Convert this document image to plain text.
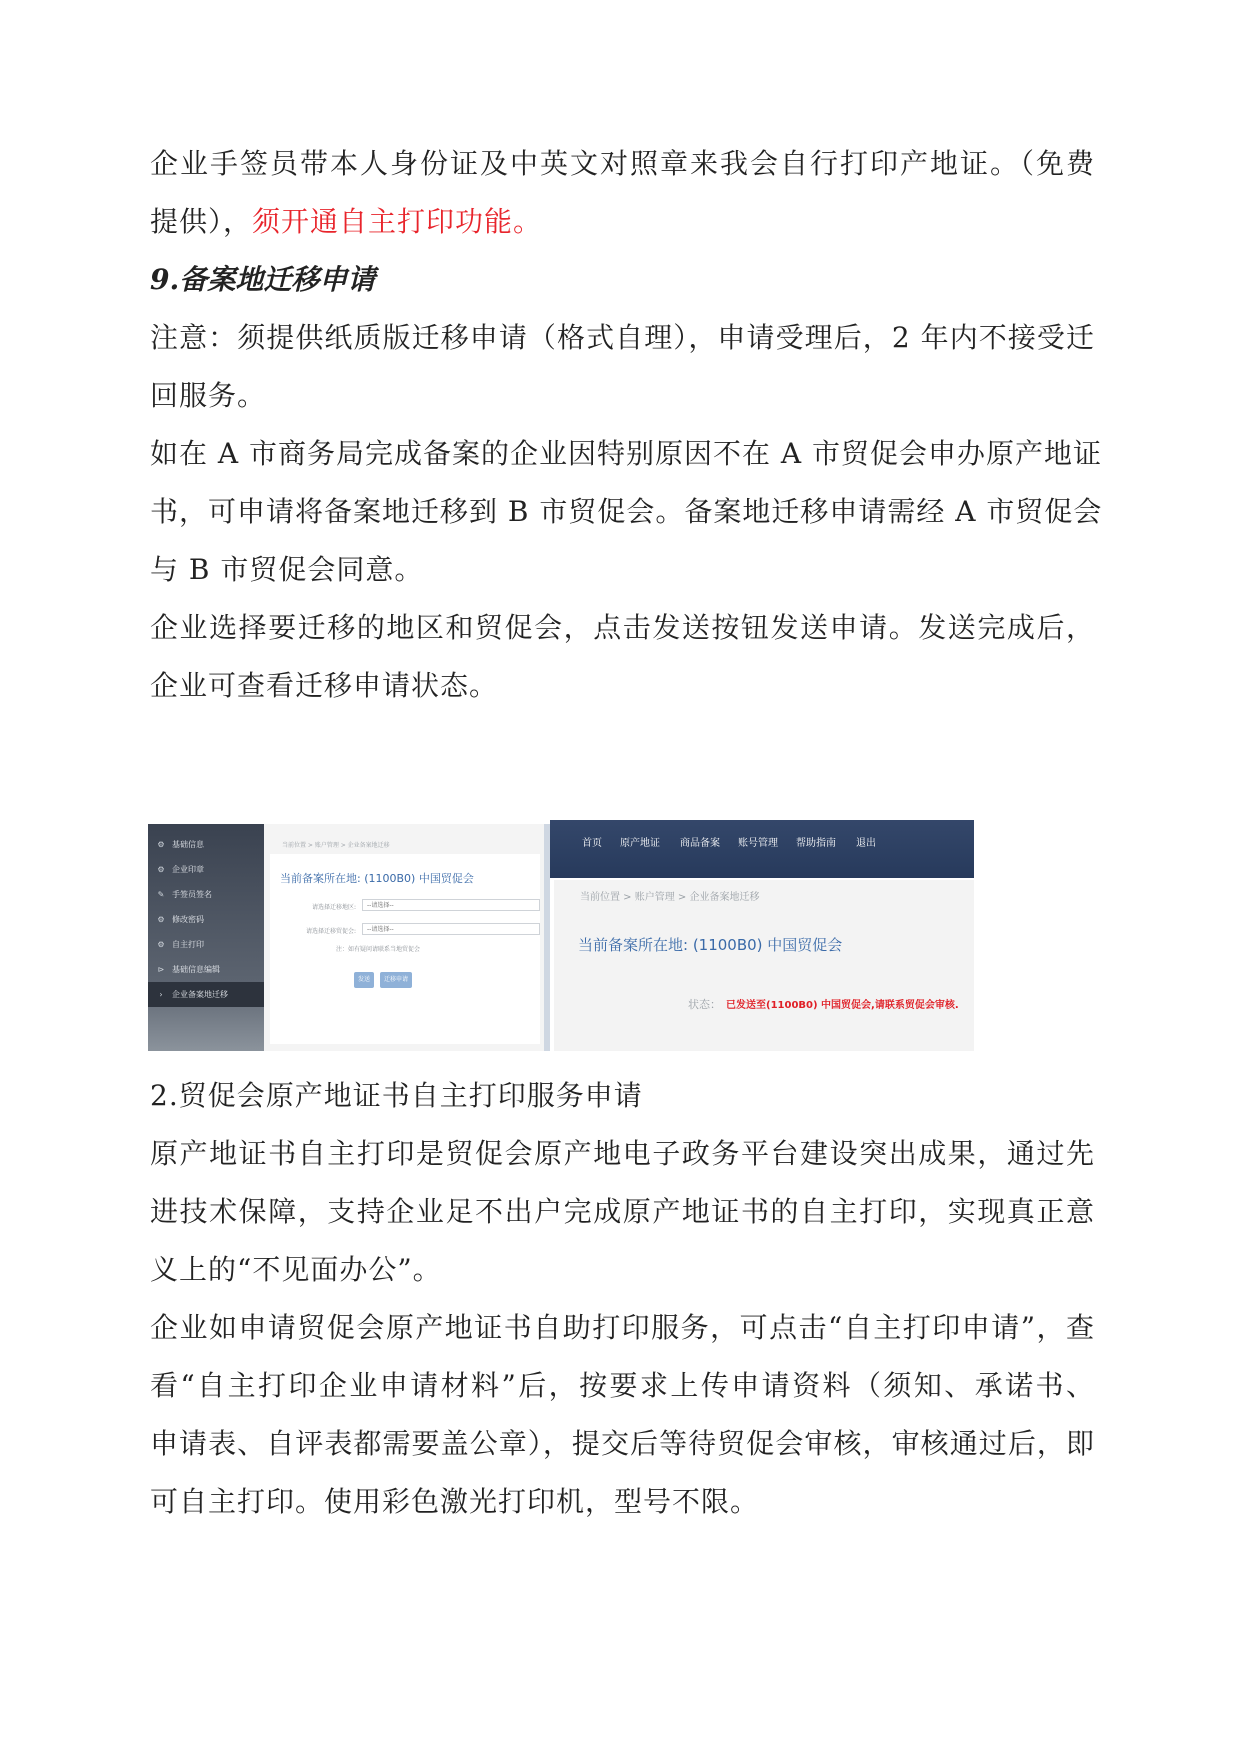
企业手签员带本人身份证及中英文对照章来我会自行打印产地证。（免费
提供），须开通自主打印功能。
9.备案地迁移申请
注意：须提供纸质版迁移申请（格式自理），申请受理后，2 年内不接受迁
回服务。
如在 A 市商务局完成备案的企业因特别原因不在 A 市贸促会申办原产地证
书，可申请将备案地迁移到 B 市贸促会。备案地迁移申请需经 A 市贸促会
与 B 市贸促会同意。
企业选择要迁移的地区和贸促会，点击发送按钮发送申请。发送完成后，
企业可查看迁移申请状态。
⚙ 基础信息
⚙ 企业印章
✎ 手签员签名
⚙ 修改密码
⚙ 自主打印
⊳ 基础信息编辑
›	企业备案地迁移
当前位置 > 账户管理 > 企业备案地迁移
当前备案所在地: (1100B0) 中国贸促会
请选择迁移地区:	--请选择--
请选择迁移贸促会:	--请选择--
注：如有疑问请联系当地贸促会
发送	迁移申请
首页 原产地证 商品备案 账号管理 帮助指南 退出
当前位置 > 账户管理 > 企业备案地迁移
当前备案所在地: (1100B0) 中国贸促会
状态： 已发送至(1100B0) 中国贸促会,请联系贸促会审核.
2.贸促会原产地证书自主打印服务申请
原产地证书自主打印是贸促会原产地电子政务平台建设突出成果，通过先
进技术保障，支持企业足不出户完成原产地证书的自主打印，实现真正意
义上的“不见面办公”。
企业如申请贸促会原产地证书自助打印服务，可点击“自主打印申请”，查
看“自主打印企业申请材料”后，按要求上传申请资料（须知、承诺书、
申请表、自评表都需要盖公章），提交后等待贸促会审核，审核通过后，即
可自主打印。使用彩色激光打印机，型号不限。
